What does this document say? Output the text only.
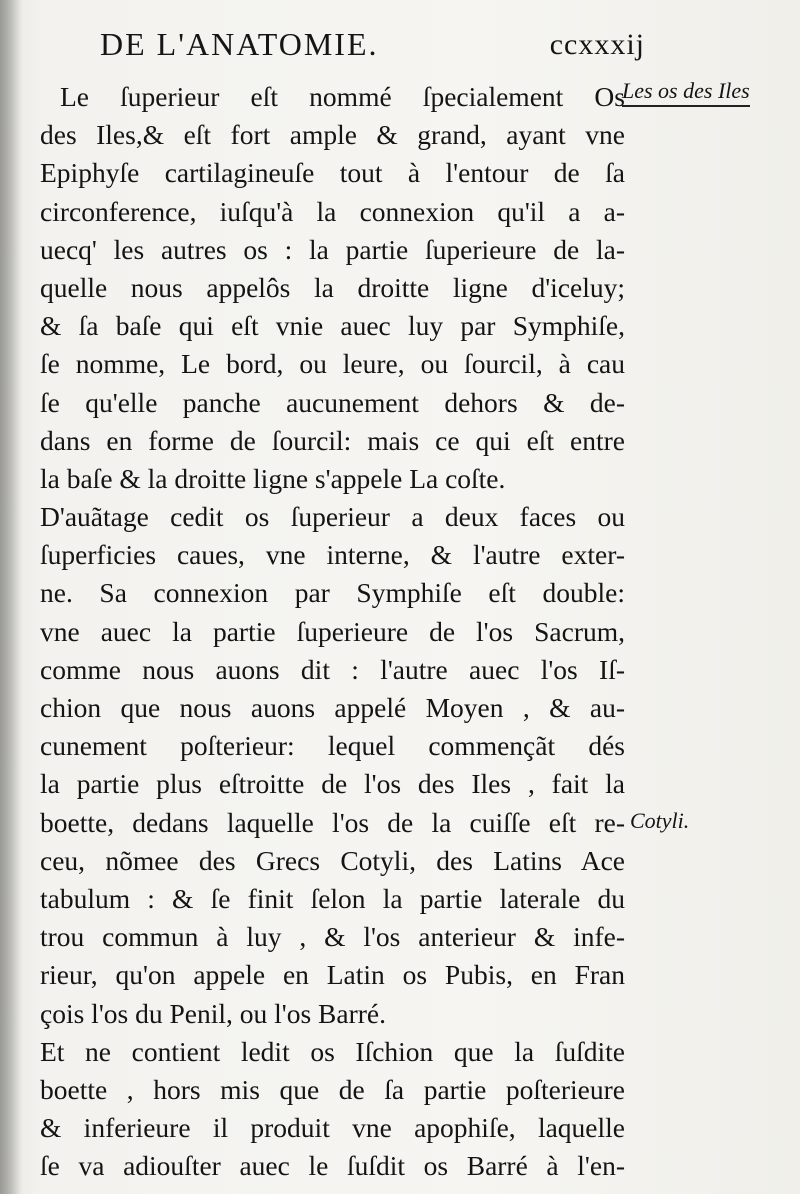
DE L'ANATOMIE.	ccxxxij
Le ſuperieur eſt nommé ſpecialement Os
des Iles,& eſt fort ample & grand, ayant vne
Epiphyſe cartilagineuſe tout à l'entour de ſa
circonference, iuſqu'à la connexion qu'il a a-
uecq' les autres os : la partie ſuperieure de la-
quelle nous appelôs la droitte ligne d'iceluy;
& ſa baſe qui eſt vnie auec luy par Symphiſe,
ſe nomme, Le bord, ou leure, ou ſourcil, à cau
ſe qu'elle panche aucunement dehors & de-
dans en forme de ſourcil: mais ce qui eſt entre
la baſe & la droitte ligne s'appele La coſte.
D'auãtage cedit os ſuperieur a deux faces ou
ſuperficies caues, vne interne, & l'autre exter-
ne. Sa connexion par Symphiſe eſt double:
vne auec la partie ſuperieure de l'os Sacrum,
comme nous auons dit : l'autre auec l'os Iſ-
chion que nous auons appelé Moyen , & au-
cunement poſterieur: lequel commençãt dés
la partie plus eſtroitte de l'os des Iles , fait la
boette, dedans laquelle l'os de la cuiſſe eſt re-
ceu, nõmee des Grecs Cotyli, des Latins Ace
tabulum : & ſe finit ſelon la partie laterale du
trou commun à luy , & l'os anterieur & infe-
rieur, qu'on appele en Latin os Pubis, en Fran
çois l'os du Penil, ou l'os Barré.
Et ne contient ledit os Iſchion que la ſuſdite
boette , hors mis que de ſa partie poſterieure
& inferieure il produit vne apophiſe, laquelle
ſe va adiouſter auec le ſuſdit os Barré à l'en-
Les os des Iles
Cotyli.
